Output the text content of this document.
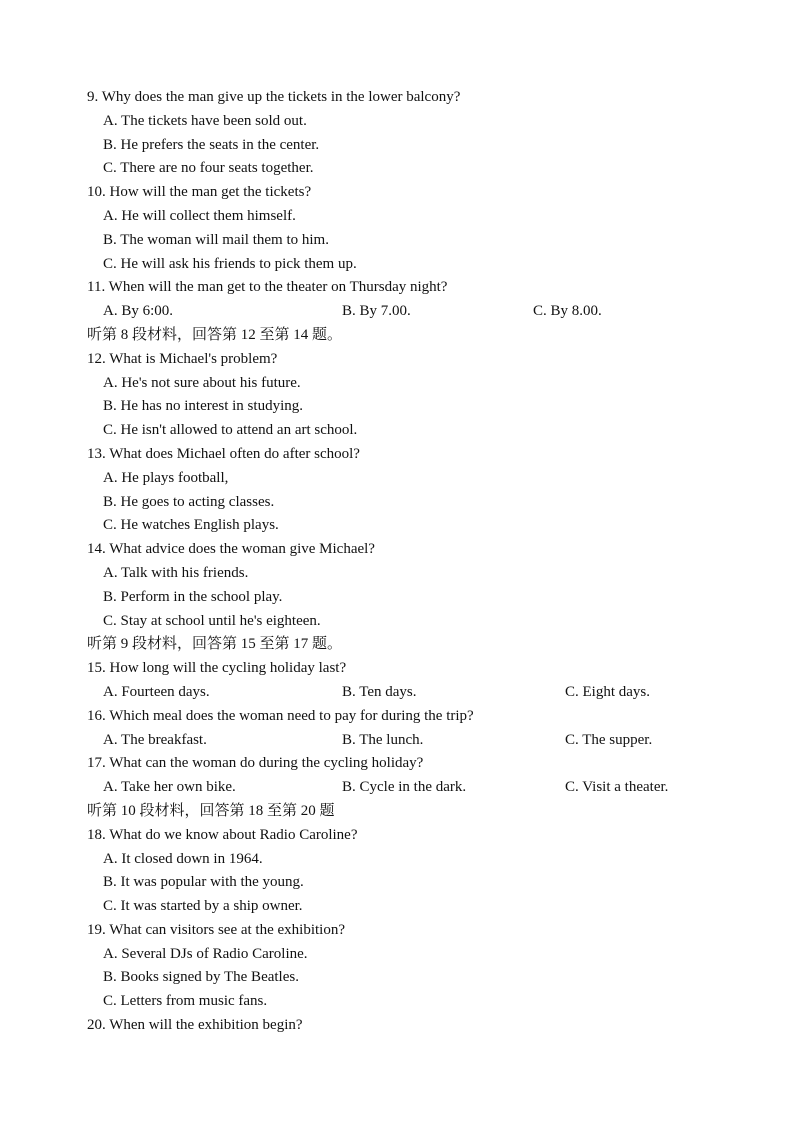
9. Why does the man give up the tickets in the lower balcony?
A. The tickets have been sold out.
B. He prefers the seats in the center.
C. There are no four seats together.
10. How will the man get the tickets?
A. He will collect them himself.
B. The woman will mail them to him.
C. He will ask his friends to pick them up.
11. When will the man get to the theater on Thursday night?
A. By 6:00.	B. By 7.00.	C. By 8.00.
听第 8 段材料，回答第 12 至第 14 题。
12. What is Michael's problem?
A. He's not sure about his future.
B. He has no interest in studying.
C. He isn't allowed to attend an art school.
13. What does Michael often do after school?
A. He plays football,
B. He goes to acting classes.
C. He watches English plays.
14. What advice does the woman give Michael?
A. Talk with his friends.
B. Perform in the school play.
C. Stay at school until he's eighteen.
听第 9 段材料，回答第 15 至第 17 题。
15. How long will the cycling holiday last?
A. Fourteen days.	B. Ten days.	C. Eight days.
16. Which meal does the woman need to pay for during the trip?
A. The breakfast.	B. The lunch.	C. The supper.
17. What can the woman do during the cycling holiday?
A. Take her own bike.	B. Cycle in the dark.	C. Visit a theater.
听第 10 段材料，回答第 18 至第 20 题
18. What do we know about Radio Caroline?
A. It closed down in 1964.
B. It was popular with the young.
C. It was started by a ship owner.
19. What can visitors see at the exhibition?
A. Several DJs of Radio Caroline.
B. Books signed by The Beatles.
C. Letters from music fans.
20. When will the exhibition begin?
